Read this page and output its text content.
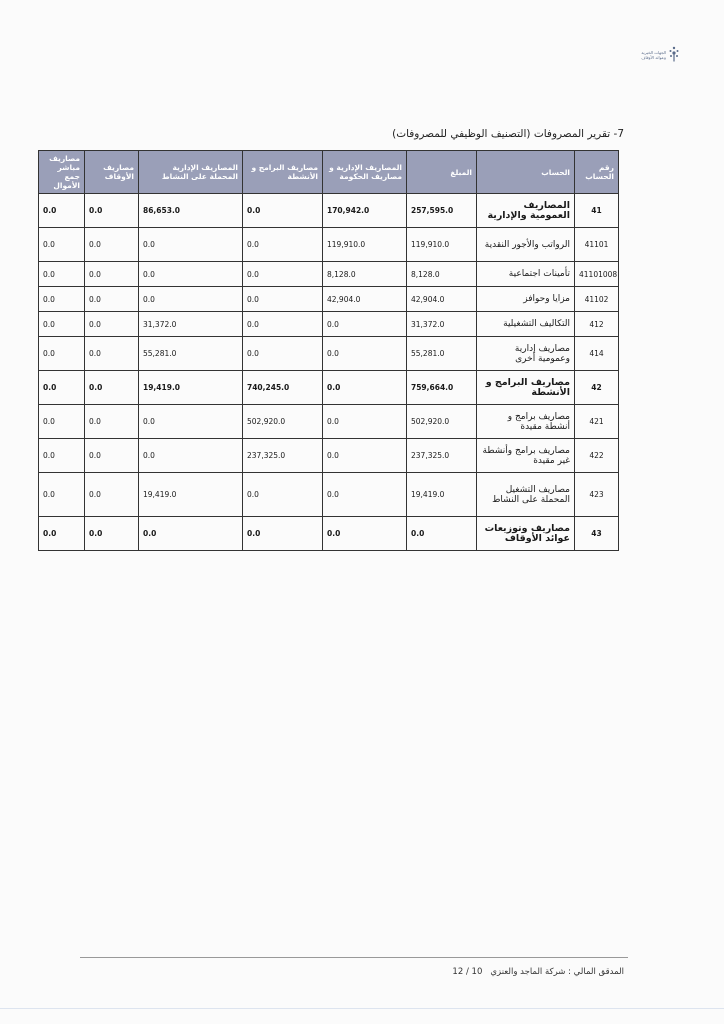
الجهات الخيرية وعوائد الأوقاف
7- تقرير المصروفات (التصنيف الوظيفي للمصروفات)
رقم الحساب	الحساب	المبلغ	المصاريف الإدارية و مصاريف الحكومة	مصاريف البرامج و الأنشطة	المصاريف الإدارية المحملة على النشاط	مصاريف الأوقاف	مصاريف مباشر جمع الأموال
41	المصاريف العمومية والإدارية	257,595.0	170,942.0	0.0	86,653.0	0.0	0.0
41101	الرواتب والأجور النقدية	119,910.0	119,910.0	0.0	0.0	0.0	0.0
41101008	تأمينات اجتماعية	8,128.0	8,128.0	0.0	0.0	0.0	0.0
41102	مزايا وحوافز	42,904.0	42,904.0	0.0	0.0	0.0	0.0
412	التكاليف التشغيلية	31,372.0	0.0	0.0	31,372.0	0.0	0.0
414	مصاريف إدارية وعمومية أخرى	55,281.0	0.0	0.0	55,281.0	0.0	0.0
42	مصاريف البرامج و الأنشطة	759,664.0	0.0	740,245.0	19,419.0	0.0	0.0
421	مصاريف برامج و أنشطة مقيدة	502,920.0	0.0	502,920.0	0.0	0.0	0.0
422	مصاريف برامج وأنشطة غير مقيدة	237,325.0	0.0	237,325.0	0.0	0.0	0.0
423	مصاريف التشغيل المحملة على النشاط	19,419.0	0.0	0.0	19,419.0	0.0	0.0
43	مصاريف وتوزيعات عوائد الأوقاف	0.0	0.0	0.0	0.0	0.0	0.0
المدقق المالي : شركة الماجد والعنزي10 / 12
